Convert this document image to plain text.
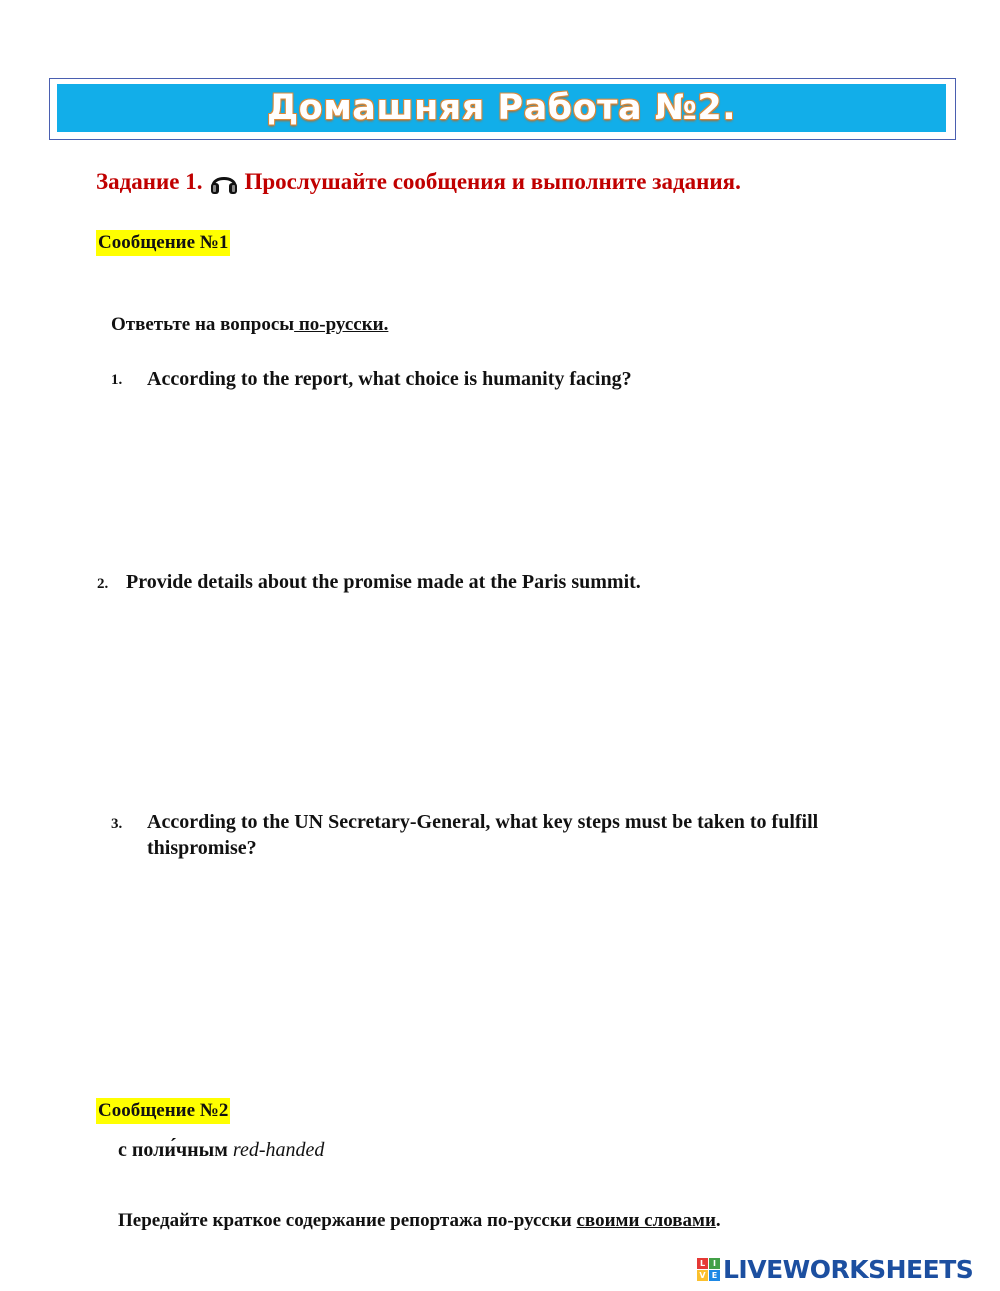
Домашняя Работа №2.
Задание 1. Прослушайте сообщения и выполните задания.
Сообщение №1
Ответьте на вопросы по-русски.
1. According to the report, what choice is humanity facing?
2. Provide details about the promise made at the Paris summit.
3. According to the UN Secretary-General, what key steps must be taken to fulfill thispromise?
Сообщение №2
с поли́чным red-handed
Передайте краткое содержание репортажа по-русски своими словами.
L I
V E LIVEWORKSHEETS
